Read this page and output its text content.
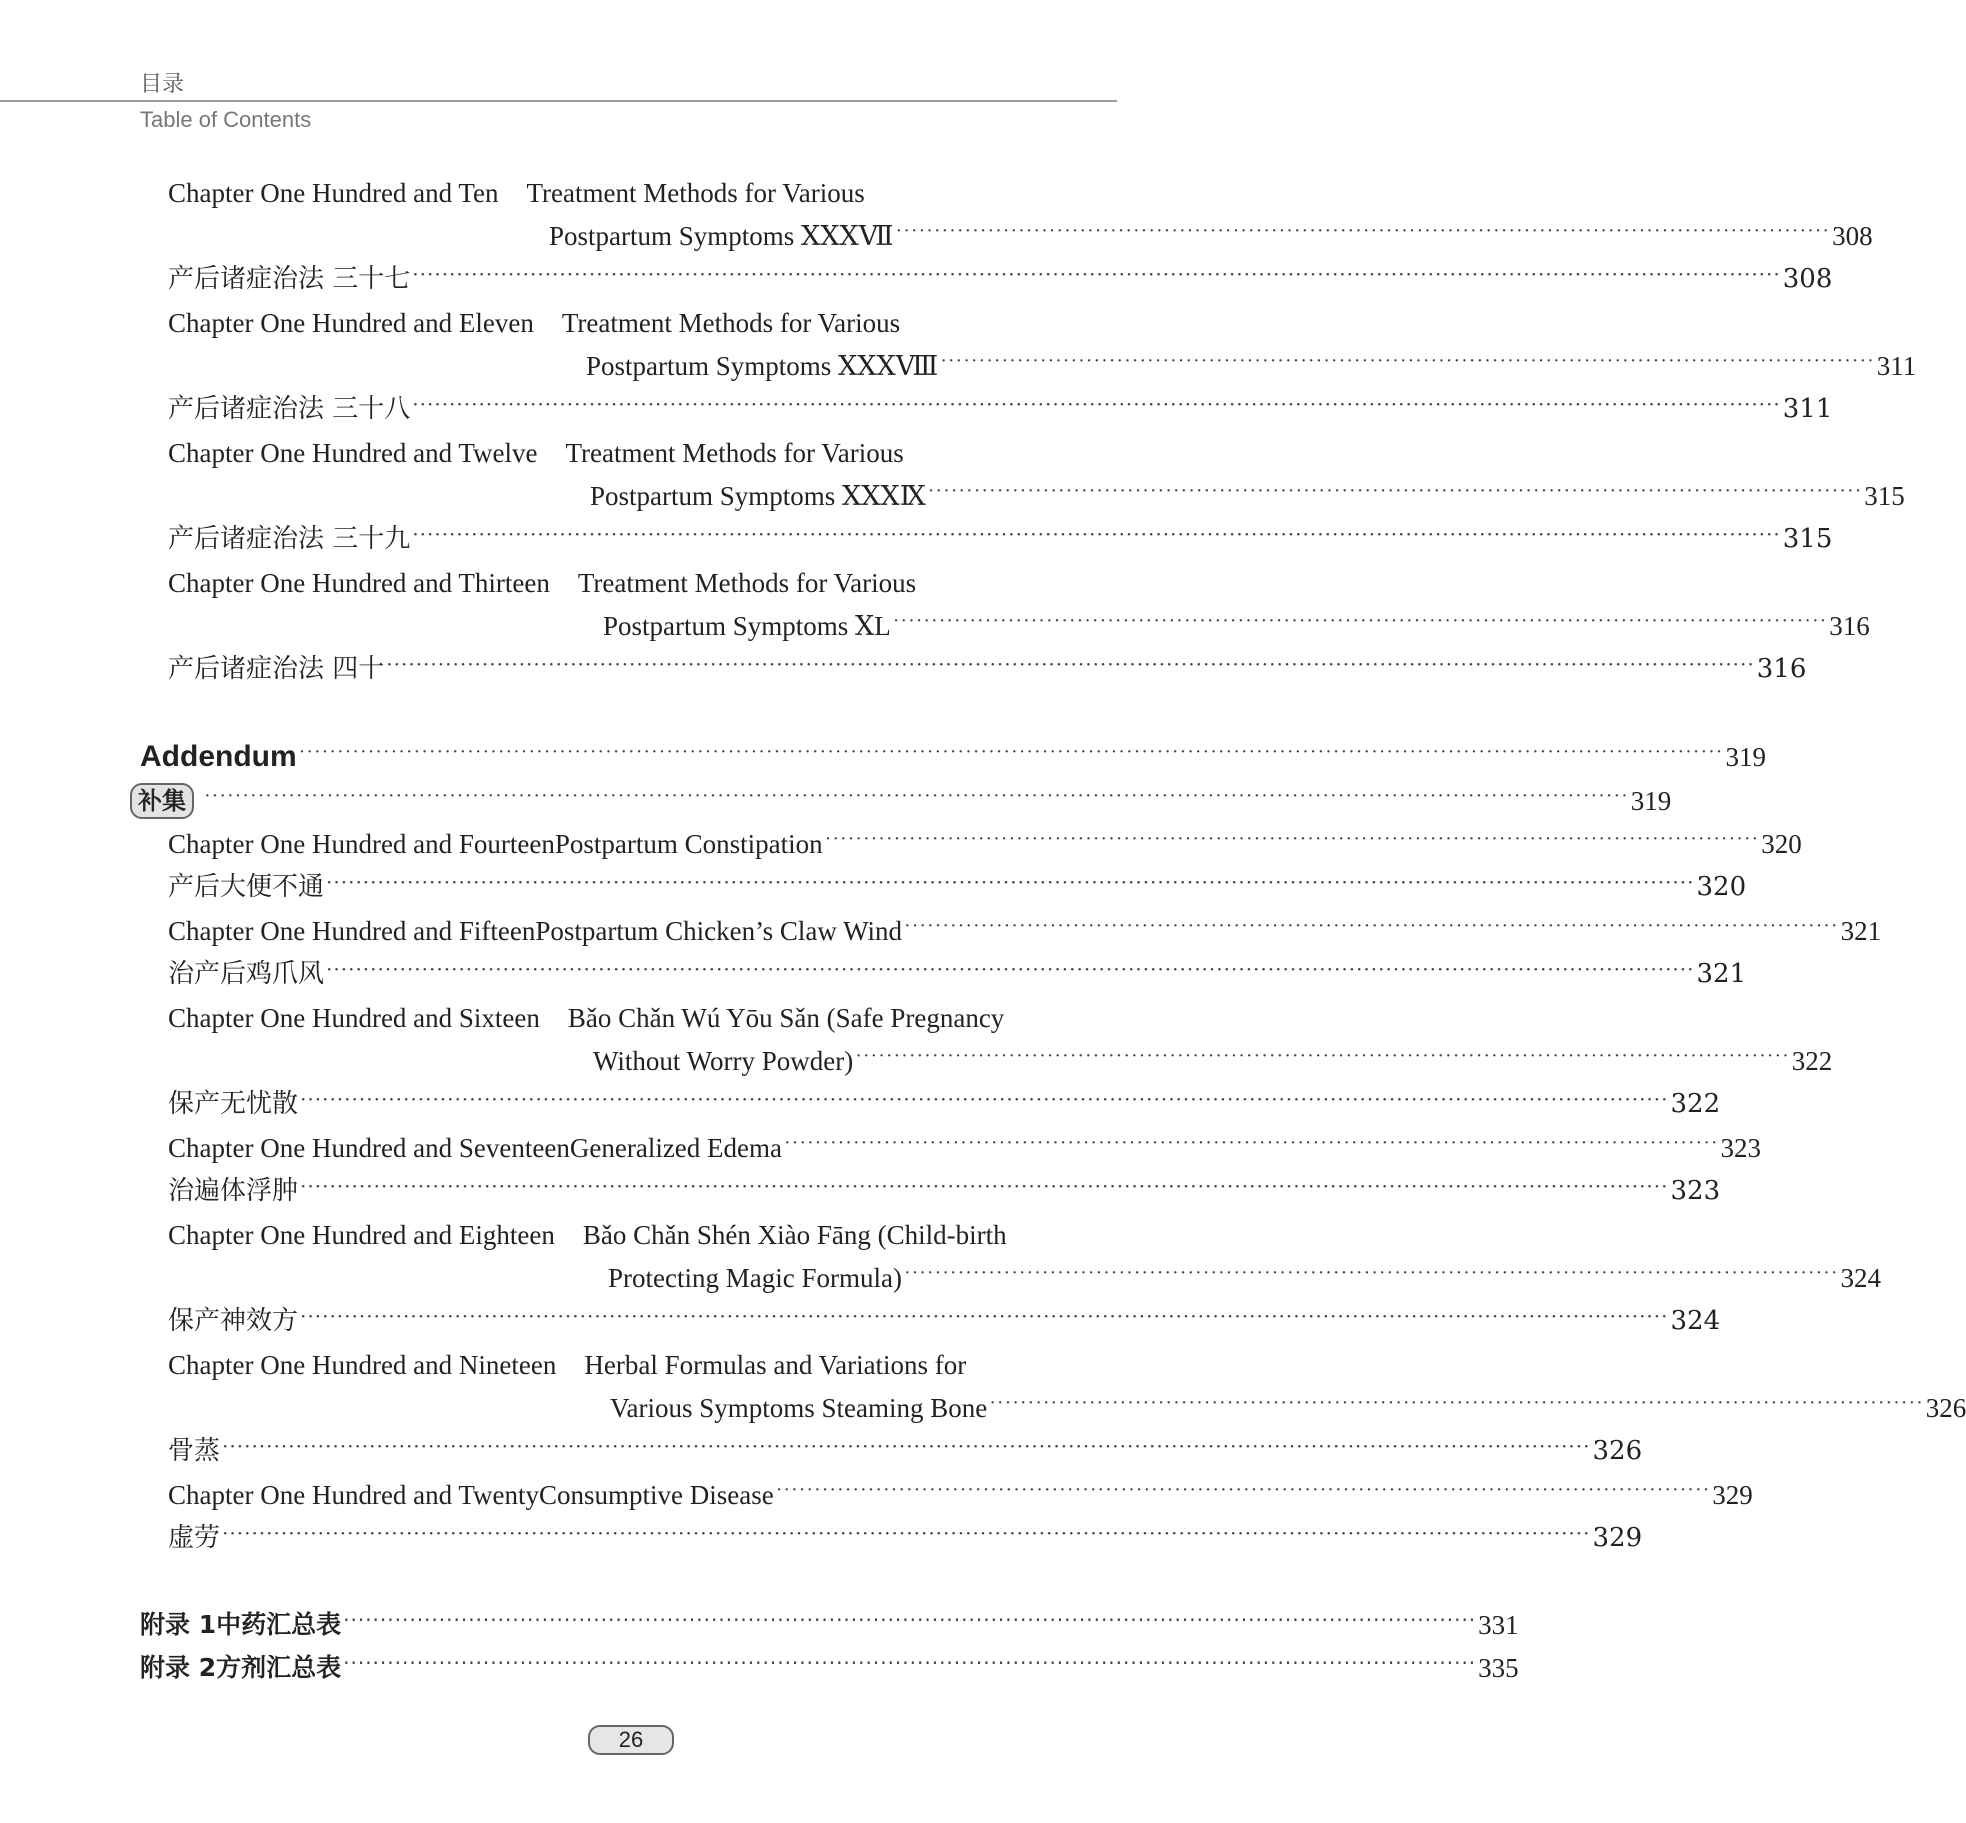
目录
Table of Contents
Chapter One Hundred and Ten Treatment Methods for Various
Postpartum Symptoms ⅩⅩⅩⅦ ·························································································································· 308
产后诸症治法 三十七 ·························································································································································································· 308
Chapter One Hundred and Eleven Treatment Methods for Various
Postpartum Symptoms ⅩⅩⅩⅧ ·························································································································· 311
产后诸症治法 三十八 ·························································································································································································· 311
Chapter One Hundred and Twelve Treatment Methods for Various
Postpartum Symptoms ⅩⅩⅩⅨ ·························································································································· 315
产后诸症治法 三十九 ·························································································································································································· 315
Chapter One Hundred and Thirteen Treatment Methods for Various
Postpartum Symptoms ⅩL ·························································································································· 316
产后诸症治法 四十 ·························································································································································································· 316
Addendum ·························································································································································································· 319
补集 ·························································································································································································· 319
Chapter One Hundred and Fourteen Postpartum Constipation ·························································································································· 320
产后大便不通 ·························································································································································································· 320
Chapter One Hundred and Fifteen Postpartum Chicken’s Claw Wind ·························································································································· 321
治产后鸡爪风 ·························································································································································································· 321
Chapter One Hundred and Sixteen Bǎo Chǎn Wú Yōu Sǎn (Safe Pregnancy
Without Worry Powder) ·························································································································· 322
保产无忧散 ·························································································································································································· 322
Chapter One Hundred and Seventeen Generalized Edema ·························································································································· 323
治遍体浮肿 ·························································································································································································· 323
Chapter One Hundred and Eighteen Bǎo Chǎn Shén Xiào Fāng (Child-birth
Protecting Magic Formula) ·························································································································· 324
保产神效方 ·························································································································································································· 324
Chapter One Hundred and Nineteen Herbal Formulas and Variations for
Various Symptoms Steaming Bone ·························································································································· 326
骨蒸 ·························································································································································································· 326
Chapter One Hundred and Twenty Consumptive Disease ·························································································································· 329
虚劳 ·························································································································································································· 329
附录 1 中药汇总表 ·························································································································································· 331
附录 2 方剂汇总表 ·························································································································································· 335
26
